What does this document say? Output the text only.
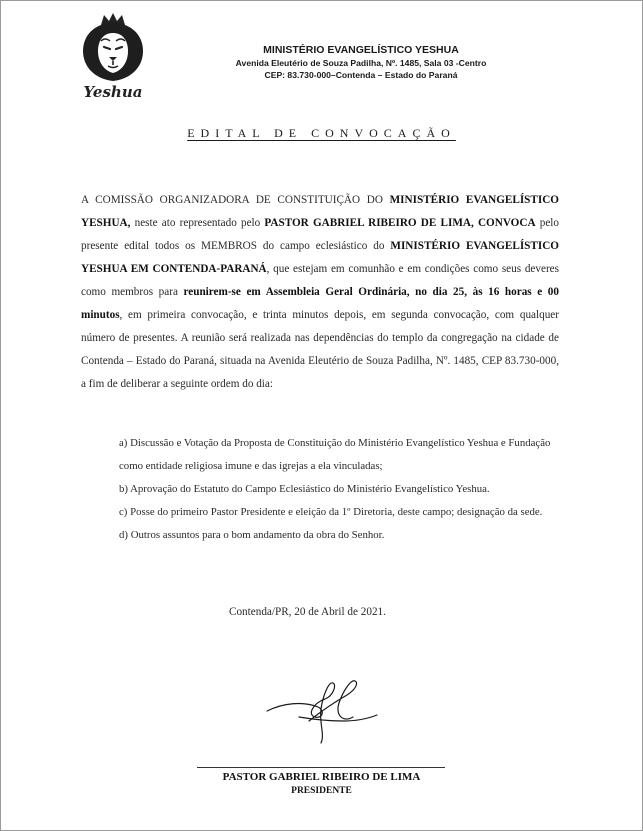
Yeshua
MINISTÉRIO EVANGELÍSTICO YESHUA
Avenida Eleutério de Souza Padilha, Nº. 1485, Sala 03 -Centro
CEP: 83.730-000–Contenda – Estado do Paraná
EDITAL DE CONVOCAÇÃO
A COMISSÃO ORGANIZADORA DE CONSTITUIÇÃO DO MINISTÉRIO EVANGELÍSTICO YESHUA, neste ato representado pelo PASTOR GABRIEL RIBEIRO DE LIMA, CONVOCA pelo presente edital todos os MEMBROS do campo eclesiástico do MINISTÉRIO EVANGELÍSTICO YESHUA EM CONTENDA-PARANÁ, que estejam em comunhão e em condições como seus deveres como membros para reunirem-se em Assembleia Geral Ordinária, no dia 25, às 16 horas e 00 minutos, em primeira convocação, e trinta minutos depois, em segunda convocação, com qualquer número de presentes. A reunião será realizada nas dependências do templo da congregação na cidade de Contenda – Estado do Paraná, situada na Avenida Eleutério de Souza Padilha, Nº. 1485, CEP 83.730-000, a fim de deliberar a seguinte ordem do dia:
a) Discussão e Votação da Proposta de Constituição do Ministério Evangelístico Yeshua e Fundação como entidade religiosa imune e das igrejas a ela vinculadas;
b) Aprovação do Estatuto do Campo Eclesiástico do Ministério Evangelístico Yeshua.
c) Posse do primeiro Pastor Presidente e eleição da 1º Diretoria, deste campo; designação da sede.
d) Outros assuntos para o bom andamento da obra do Senhor.
Contenda/PR, 20 de Abril de 2021.
PASTOR GABRIEL RIBEIRO DE LIMA
PRESIDENTE
